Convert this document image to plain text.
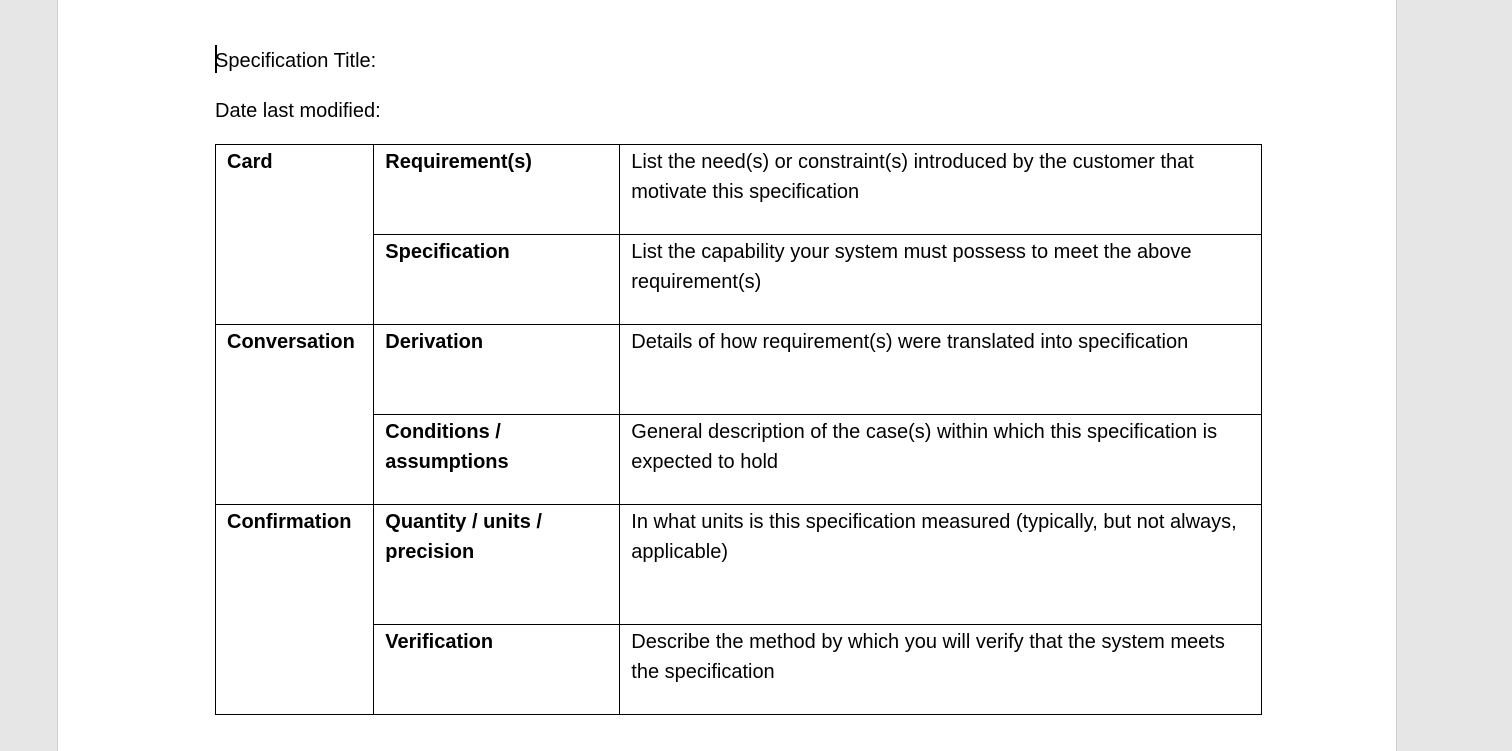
Specification Title:
Date last modified:
Card	Requirement(s)	List the need(s) or constraint(s) introduced by the customer that motivate this specification
	Specification	List the capability your system must possess to meet the above requirement(s)
Conversation	Derivation	Details of how requirement(s) were translated into specification
	Conditions / assumptions	General description of the case(s) within which this specification is expected to hold
Confirmation	Quantity / units / precision	In what units is this specification measured (typically, but not always, applicable)
	Verification	Describe the method by which you will verify that the system meets the specification
